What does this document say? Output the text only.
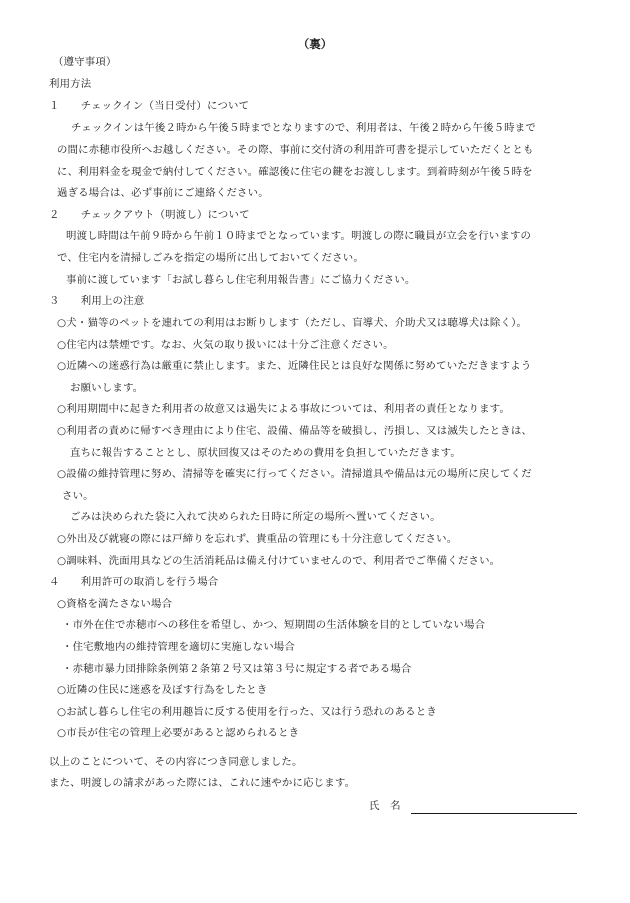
（裏）
（遵守事項）
利用方法
１　　チェックイン（当日受付）について
チェックインは午後２時から午後５時までとなりますので、利用者は、午後２時から午後５時まで
の間に赤穂市役所へお越しください。その際、事前に交付済の利用許可書を提示していただくととも
に、利用料金を現金で納付してください。確認後に住宅の鍵をお渡しします。到着時刻が午後５時を
過ぎる場合は、必ず事前にご連絡ください。
２　　チェックアウト（明渡し）について
明渡し時間は午前９時から午前１０時までとなっています。明渡しの際に職員が立会を行いますの
で、住宅内を清掃しごみを指定の場所に出しておいてください。
事前に渡しています「お試し暮らし住宅利用報告書」にご協力ください。
３　　利用上の注意
○犬・猫等のペットを連れての利用はお断りします（ただし、盲導犬、介助犬又は聴導犬は除く）。
○住宅内は禁煙です。なお、火気の取り扱いには十分ご注意ください。
○近隣への迷惑行為は厳重に禁止します。また、近隣住民とは良好な関係に努めていただきますよう
お願いします。
○利用期間中に起きた利用者の故意又は過失による事故については、利用者の責任となります。
○利用者の責めに帰すべき理由により住宅、設備、備品等を破損し、汚損し、又は滅失したときは、
直ちに報告することとし、原状回復又はそのための費用を負担していただきます。
○設備の維持管理に努め、清掃等を確実に行ってください。清掃道具や備品は元の場所に戻してくだ
さい。
ごみは決められた袋に入れて決められた日時に所定の場所へ置いてください。
○外出及び就寝の際には戸締りを忘れず、貴重品の管理にも十分注意してください。
○調味料、洗面用具などの生活消耗品は備え付けていませんので、利用者でご準備ください。
４　　利用許可の取消しを行う場合
○資格を満たさない場合
・市外在住で赤穂市への移住を希望し、かつ、短期間の生活体験を目的としていない場合
・住宅敷地内の維持管理を適切に実施しない場合
・赤穂市暴力団排除条例第２条第２号又は第３号に規定する者である場合
○近隣の住民に迷惑を及ぼす行為をしたとき
○お試し暮らし住宅の利用趣旨に反する使用を行った、又は行う恐れのあるとき
○市長が住宅の管理上必要があると認められるとき
以上のことについて、その内容につき同意しました。
また、明渡しの請求があった際には、これに速やかに応じます。
氏　名
